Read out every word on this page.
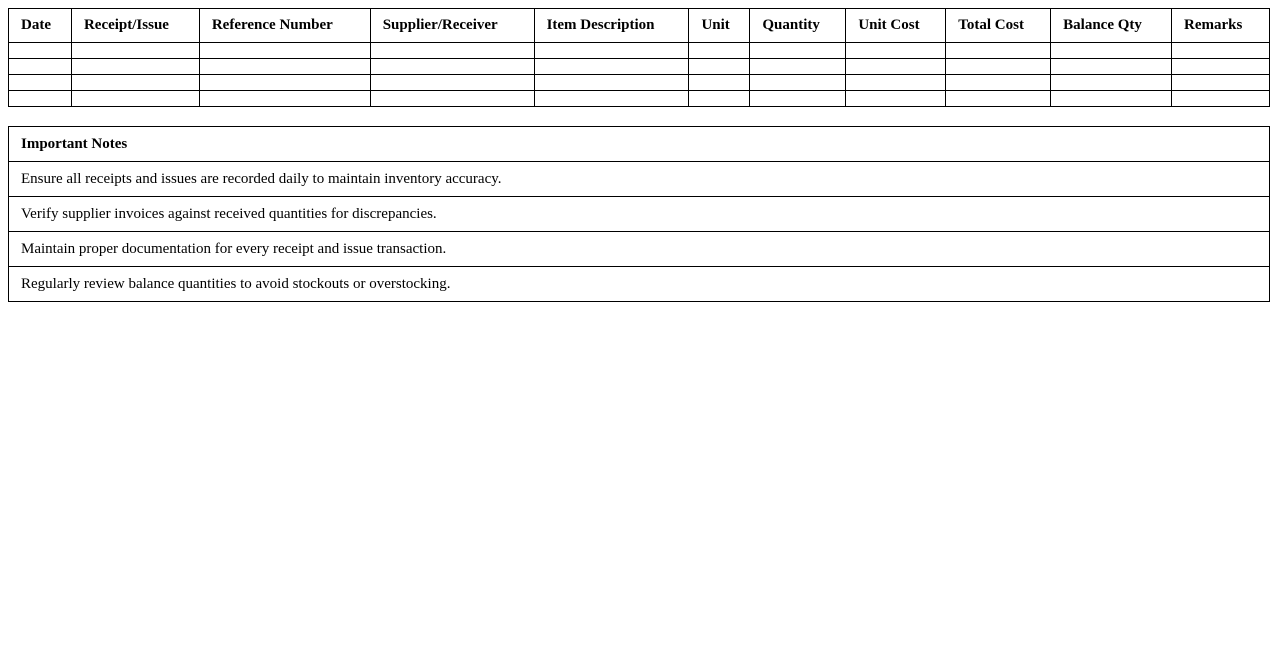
Date	Receipt/Issue	Reference Number	Supplier/Receiver	Item Description	Unit	Quantity	Unit Cost	Total Cost	Balance Qty	Remarks

Important Notes
Ensure all receipts and issues are recorded daily to maintain inventory accuracy.
Verify supplier invoices against received quantities for discrepancies.
Maintain proper documentation for every receipt and issue transaction.
Regularly review balance quantities to avoid stockouts or overstocking.
